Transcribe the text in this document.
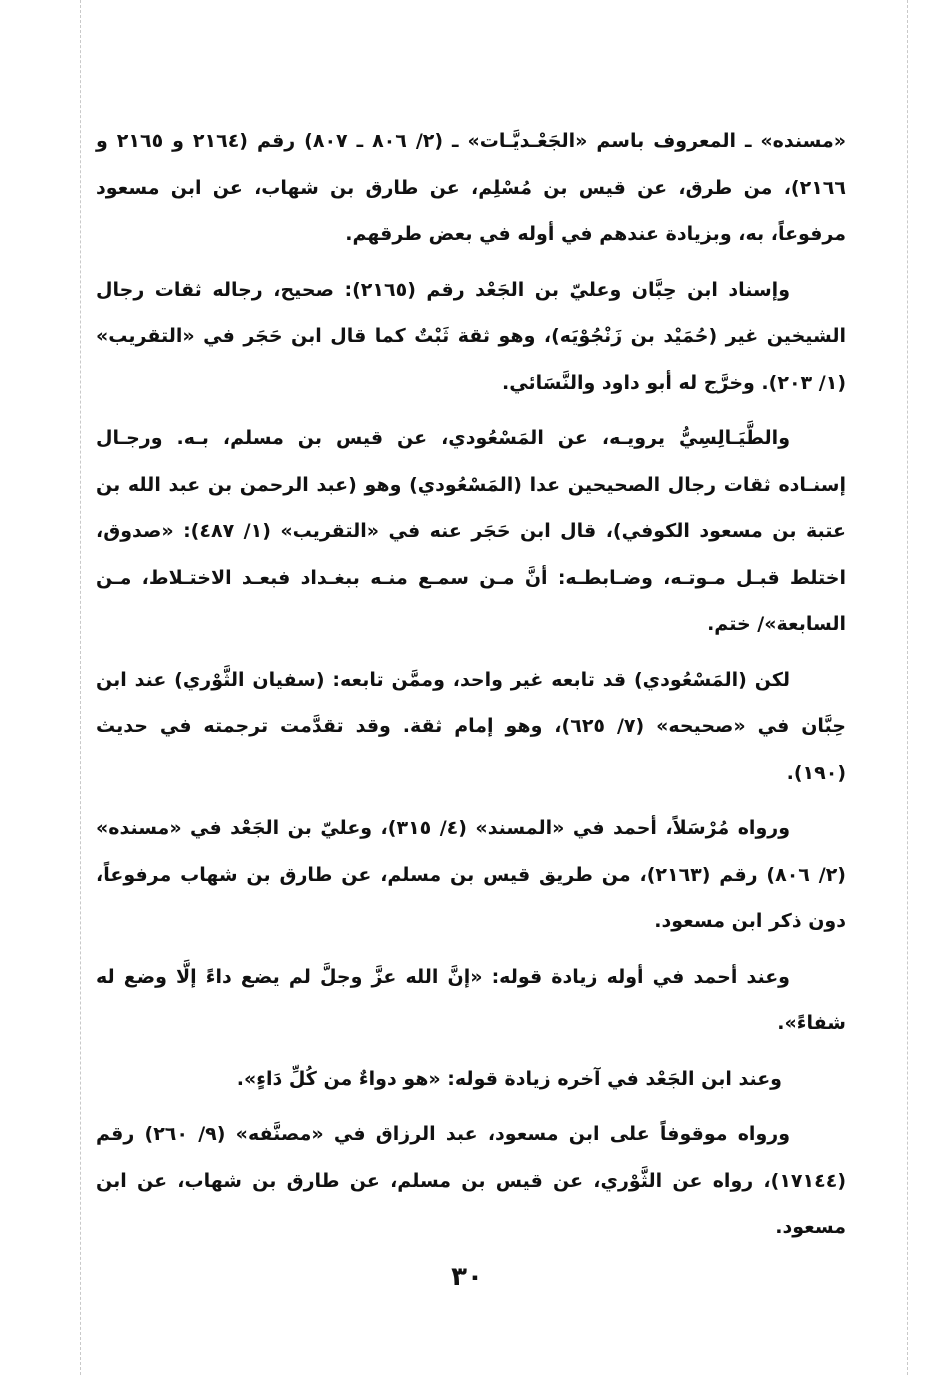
«مسنده» ـ المعروف باسم «الجَعْـديَّـات» ـ (٢/ ٨٠٦ ـ ٨٠٧) رقم (٢١٦٤ و ٢١٦٥ و ٢١٦٦)، من طرق، عن قيس بن مُسْلِم، عن طارق بن شهاب، عن ابن مسعود مرفوعاً، به، وبزيادة عندهم في أوله في بعض طرقهم.

وإسناد ابن حِبَّان وعليّ بن الجَعْد رقم (٢١٦٥): صحيح، رجاله ثقات رجال الشيخين غير (حُمَيْد بن زَنْجُوْيَه)، وهو ثقة ثَبْتٌ كما قال ابن حَجَر في «التقريب» (١/ ٢٠٣). وخرَّج له أبو داود والنَّسَائي.

والطَّيَـالِسِيُّ يرويـه، عن المَسْعُودي، عن قيس بن مسلم، بـه. ورجـال إسنـاده ثقات رجال الصحيحين عدا (المَسْعُودي) وهو (عبد الرحمن بن عبد الله بن عتبة بن مسعود الكوفي)، قال ابن حَجَر عنه في «التقريب» (١/ ٤٨٧): «صدوق، اختلط قبـل مـوتـه، وضـابطـه: أنَّ مـن سمـع منـه ببغـداد فبعـد الاختـلاط، مـن السابعة»/ ختم.

لكن (المَسْعُودي) قد تابعه غير واحد، وممَّن تابعه: (سفيان الثَّوْري) عند ابن حِبَّان في «صحيحه» (٧/ ٦٢٥)، وهو إمام ثقة. وقد تقدَّمت ترجمته في حديث (١٩٠).

ورواه مُرْسَلاً، أحمد في «المسند» (٤/ ٣١٥)، وعليّ بن الجَعْد في «مسنده» (٢/ ٨٠٦) رقم (٢١٦٣)، من طريق قيس بن مسلم، عن طارق بن شهاب مرفوعاً، دون ذكر ابن مسعود.

وعند أحمد في أوله زيادة قوله: «إنَّ الله عزَّ وجلَّ لم يضع داءً إلَّا وضع له شفاءً».

وعند ابن الجَعْد في آخره زيادة قوله: «هو دواءٌ من كُلِّ دَاءٍ».

ورواه موقوفاً على ابن مسعود، عبد الرزاق في «مصنَّفه» (٩/ ٢٦٠) رقم (١٧١٤٤)، رواه عن الثَّوْري، عن قيس بن مسلم، عن طارق بن شهاب، عن ابن مسعود.

٣٠
